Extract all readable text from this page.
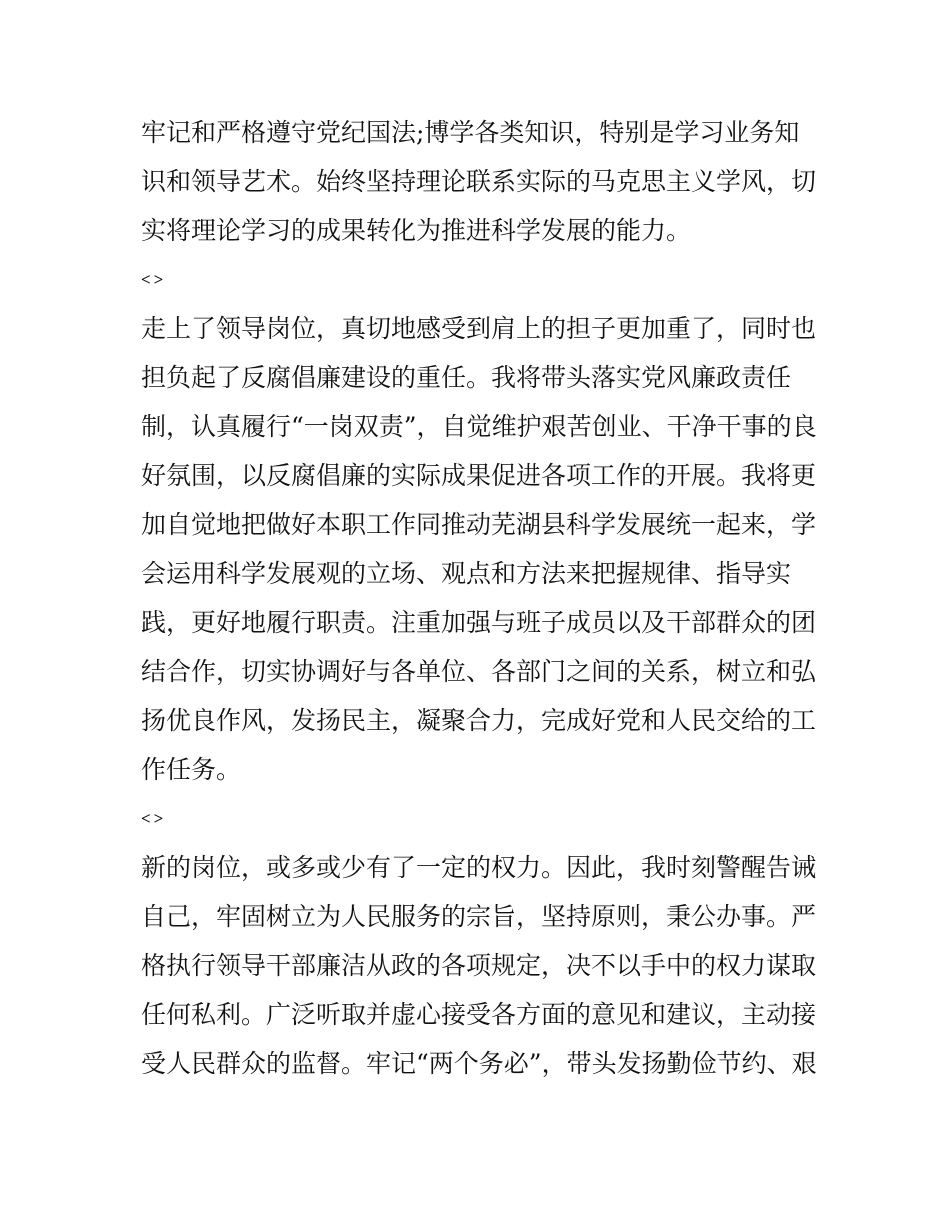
牢记和严格遵守党纪国法;博学各类知识，特别是学习业务知
识和领导艺术。始终坚持理论联系实际的马克思主义学风，切
实将理论学习的成果转化为推进科学发展的能力。
<>
走上了领导岗位，真切地感受到肩上的担子更加重了，同时也
担负起了反腐倡廉建设的重任。我将带头落实党风廉政责任
制，认真履行“一岗双责”，自觉维护艰苦创业、干净干事的良
好氛围，以反腐倡廉的实际成果促进各项工作的开展。我将更
加自觉地把做好本职工作同推动芜湖县科学发展统一起来，学
会运用科学发展观的立场、观点和方法来把握规律、指导实
践，更好地履行职责。注重加强与班子成员以及干部群众的团
结合作，切实协调好与各单位、各部门之间的关系，树立和弘
扬优良作风，发扬民主，凝聚合力，完成好党和人民交给的工
作任务。
<>
新的岗位，或多或少有了一定的权力。因此，我时刻警醒告诫
自己，牢固树立为人民服务的宗旨，坚持原则，秉公办事。严
格执行领导干部廉洁从政的各项规定，决不以手中的权力谋取
任何私利。广泛听取并虚心接受各方面的意见和建议，主动接
受人民群众的监督。牢记“两个务必”，带头发扬勤俭节约、艰
